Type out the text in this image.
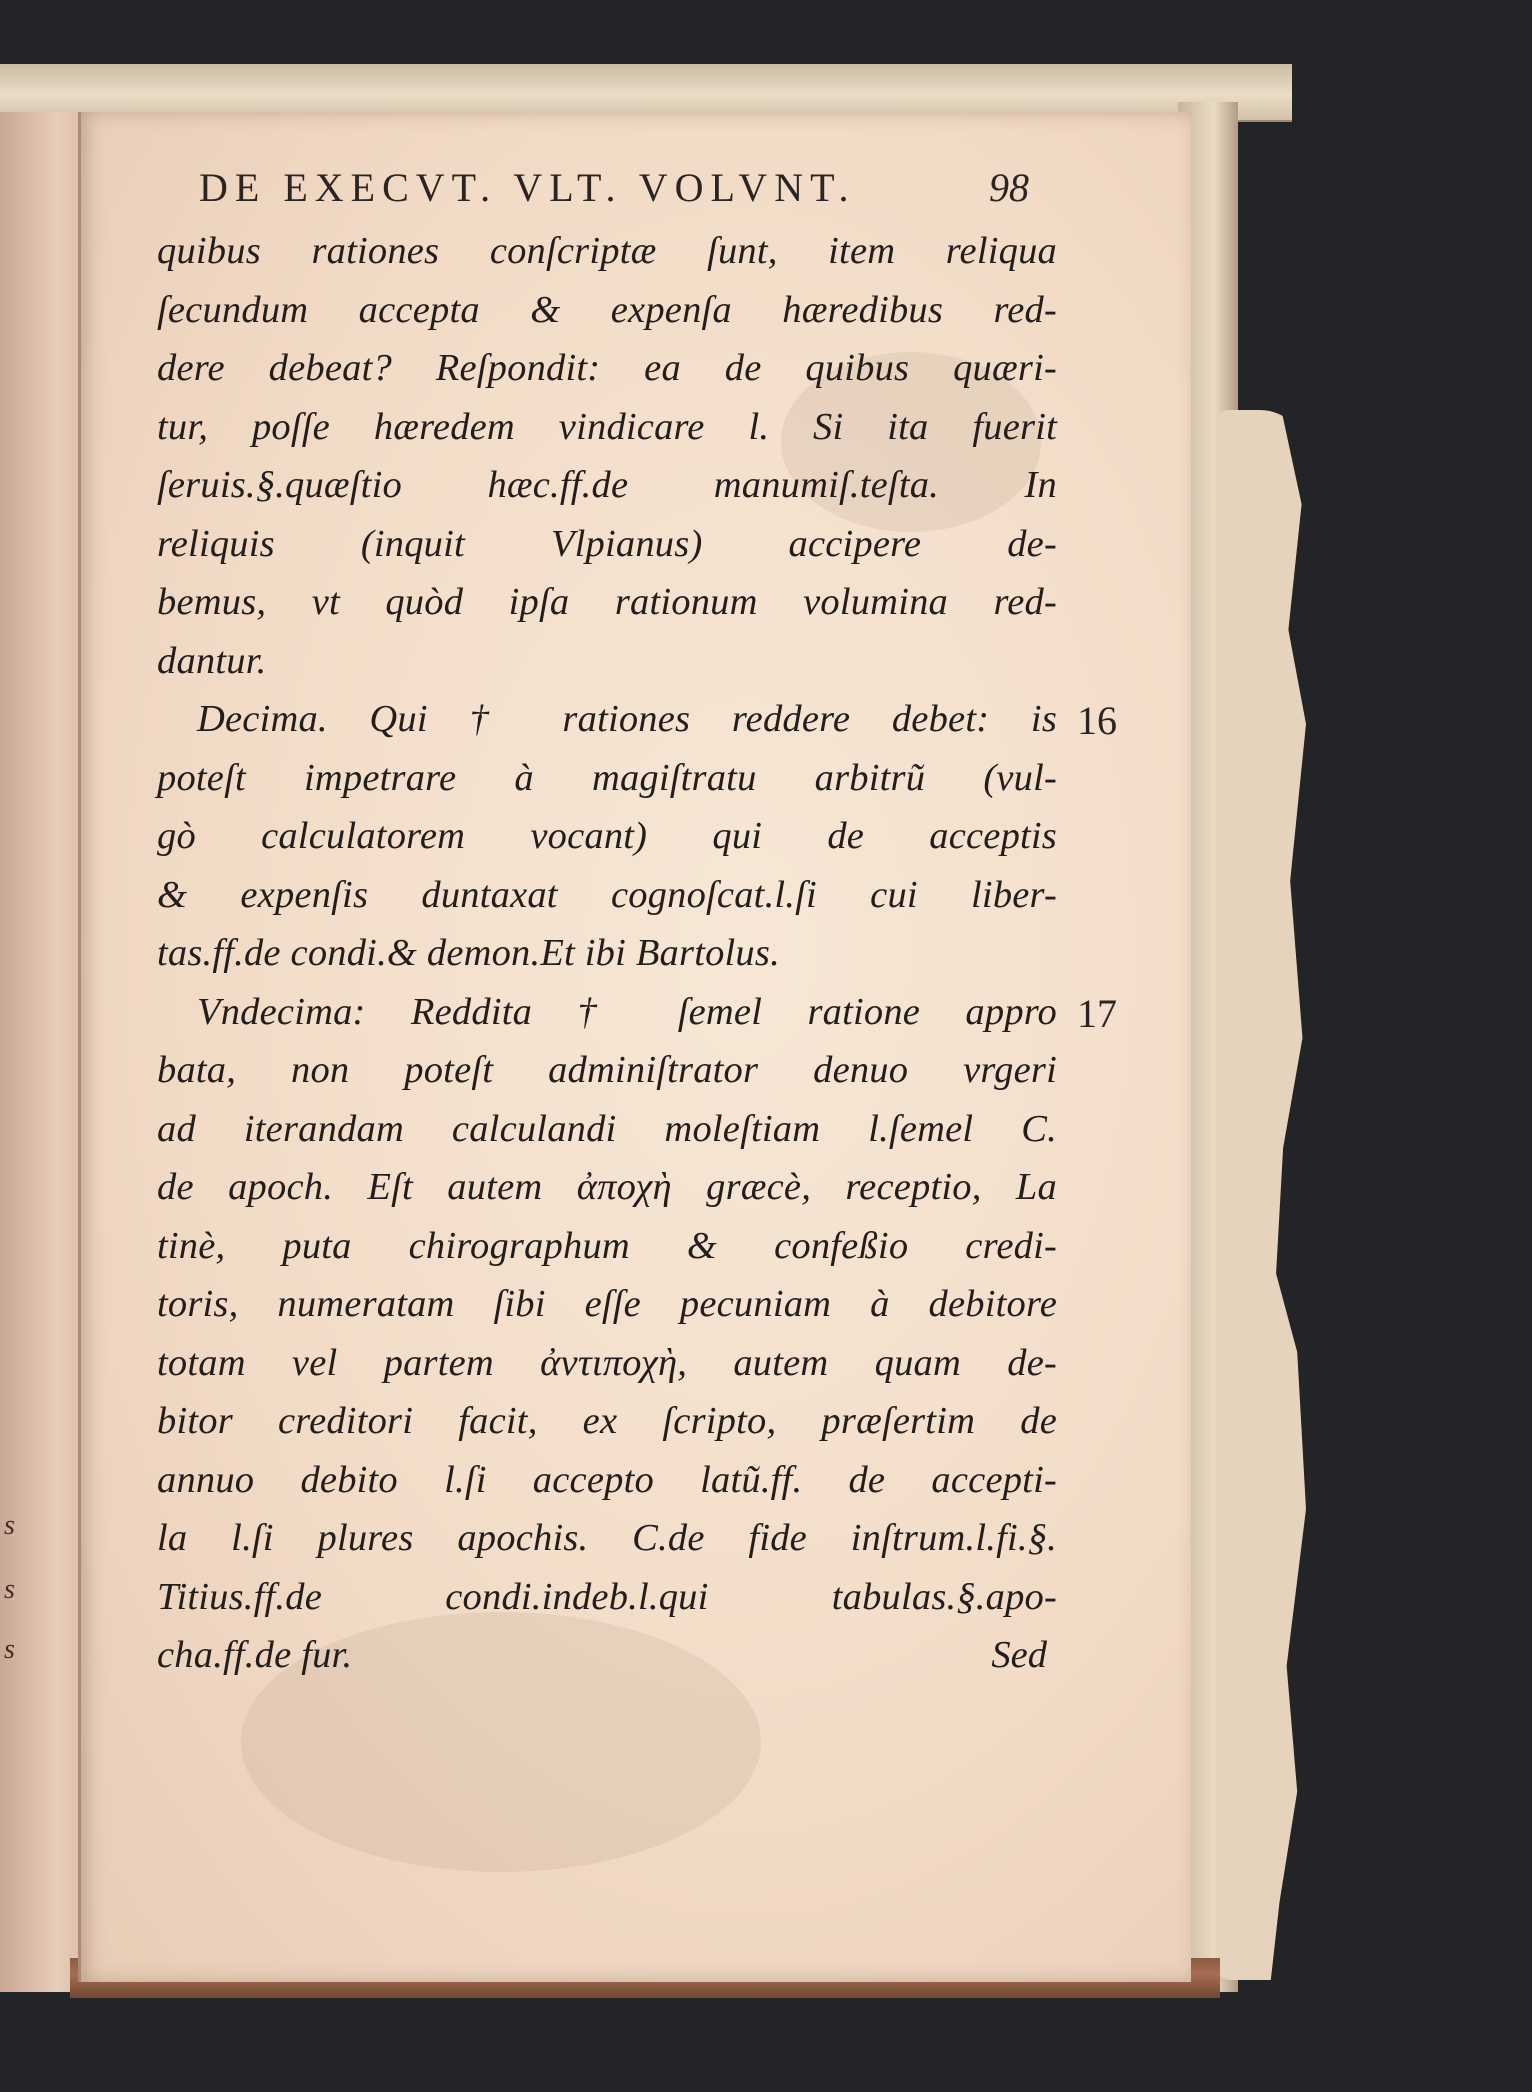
s
s
s
DE EXECVT. VLT. VOLVNT.	98
quibus rationes conſcriptæ ſunt, item reliqua
ſecundum accepta & expenſa hæredibus red-
dere debeat? Reſpondit: ea de quibus quæri-
tur, poſſe hæredem vindicare l. Si ita fuerit
ſeruis.§.quæſtio hæc.ff.de manumiſ.teſta. In
reliquis (inquit Vlpianus) accipere de-
bemus, vt quòd ipſa rationum volumina red-
dantur.
Decima. Qui † rationes reddere debet: is 16
poteſt impetrare à magiſtratu arbitrũ (vul-
gò calculatorem vocant) qui de acceptis
& expenſis duntaxat cognoſcat.l.ſi cui liber-
tas.ff.de condi.& demon.Et ibi Bartolus.
Vndecima: Reddita † ſemel ratione appro 17
bata, non poteſt adminiſtrator denuo vrgeri
ad iterandam calculandi moleſtiam l.ſemel C.
de apoch. Eſt autem ἀποχὴ græcè, receptio, La
tinè, puta chirographum & confeßio credi-
toris, numeratam ſibi eſſe pecuniam à debitore
totam vel partem ἀντιποχὴ, autem quam de-
bitor creditori facit, ex ſcripto, præſertim de
annuo debito l.ſi accepto latũ.ff. de accepti-
la l.ſi plures apochis. C.de fide inſtrum.l.fi.§.
Titius.ff.de condi.indeb.l.qui tabulas.§.apo-
cha.ff.de fur.	Sed
